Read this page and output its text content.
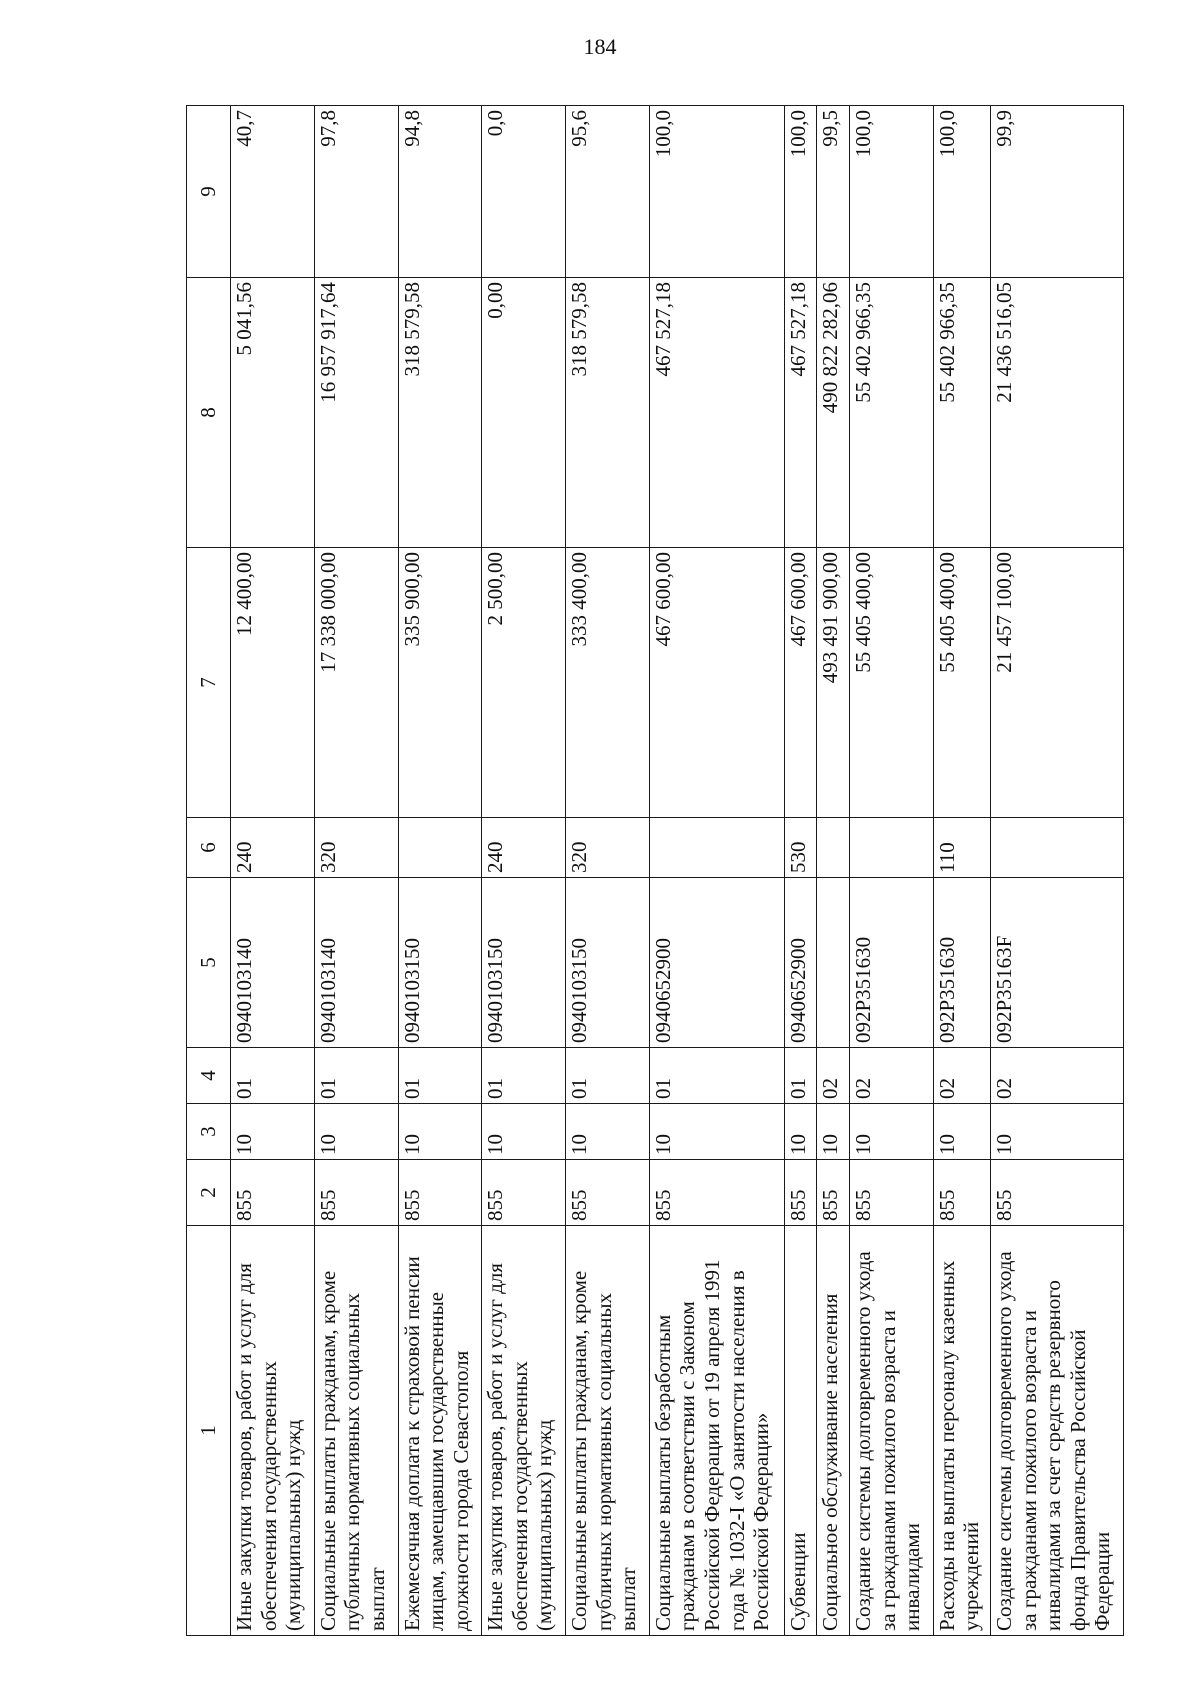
184
1	2	3	4	5	6	7	8	9
Иные закупки товаров, работ и услуг для обеспечения государственных (муниципальных) нужд	855	10	01	0940103140	240	12 400,00	5 041,56	40,7
Социальные выплаты гражданам, кроме публичных нормативных социальных выплат	855	10	01	0940103140	320	17 338 000,00	16 957 917,64	97,8
Ежемесячная доплата к страховой пенсии лицам, замещавшим государственные должности города Севастополя	855	10	01	0940103150		335 900,00	318 579,58	94,8
Иные закупки товаров, работ и услуг для обеспечения государственных (муниципальных) нужд	855	10	01	0940103150	240	2 500,00	0,00	0,0
Социальные выплаты гражданам, кроме публичных нормативных социальных выплат	855	10	01	0940103150	320	333 400,00	318 579,58	95,6
Социальные выплаты безработным гражданам в соответствии с Законом Российской Федерации от 19 апреля 1991 года № 1032-I «О занятости населения в Российской Федерации»	855	10	01	0940652900		467 600,00	467 527,18	100,0
Субвенции	855	10	01	0940652900	530	467 600,00	467 527,18	100,0
Социальное обслуживание населения	855	10	02			493 491 900,00	490 822 282,06	99,5
Создание системы долговременного ухода за гражданами пожилого возраста и инвалидами	855	10	02	092P351630		55 405 400,00	55 402 966,35	100,0
Расходы на выплаты персоналу казенных учреждений	855	10	02	092P351630	110	55 405 400,00	55 402 966,35	100,0
Создание системы долговременного ухода за гражданами пожилого возраста и инвалидами за счет средств резервного фонда Правительства Российской Федерации	855	10	02	092P35163F		21 457 100,00	21 436 516,05	99,9
